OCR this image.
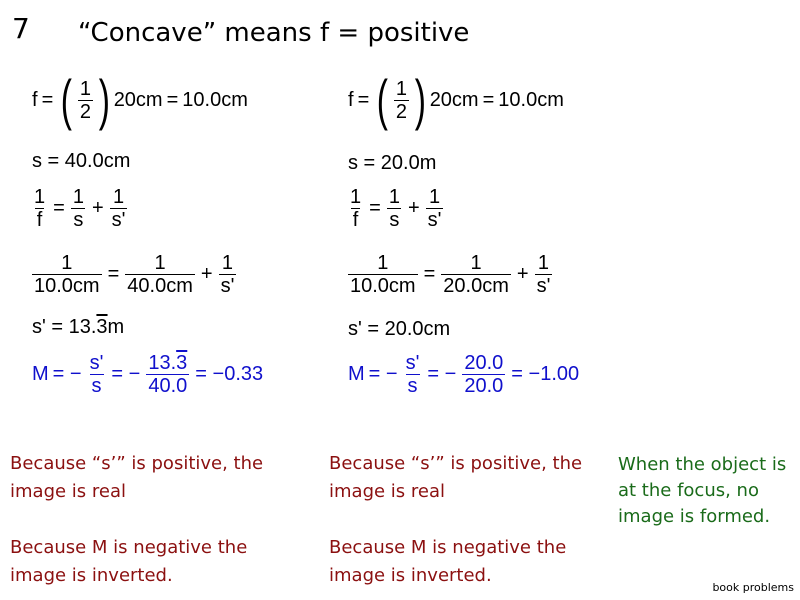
7 “Concave” means f = positive
f = ( $\frac{1}{2}$ ) 20cm = 10.0cm
s = 40.0cm
$\frac{1}{f} = \frac{1}{s} + \frac{1}{s'}$
$\frac{1}{10.0cm} = \frac{1}{40.0cm} + \frac{1}{s'}$
s' = 13. 3 m
M = − $\frac{s'}{s}$ = − $\frac{13.3}{40.0} = -0.33$
Because “s’” is positive, the image is real
Because M is negative the image is inverted.
f = ( $\frac{1}{2}$ ) 20cm = 10.0cm
s = 20.0m
$\frac{1}{f} = \frac{1}{s} + \frac{1}{s'}$
$\frac{1}{10.0cm} = \frac{1}{20.0cm} + \frac{1}{s'}$
s' = 20.0cm
M = − $\frac{s'}{s}$ = − $\frac{20.0}{20.0} = -1.00$
Because “s’” is positive, the image is real
Because M is negative the image is inverted.
When the object is at the focus, no image is formed.
book problems
